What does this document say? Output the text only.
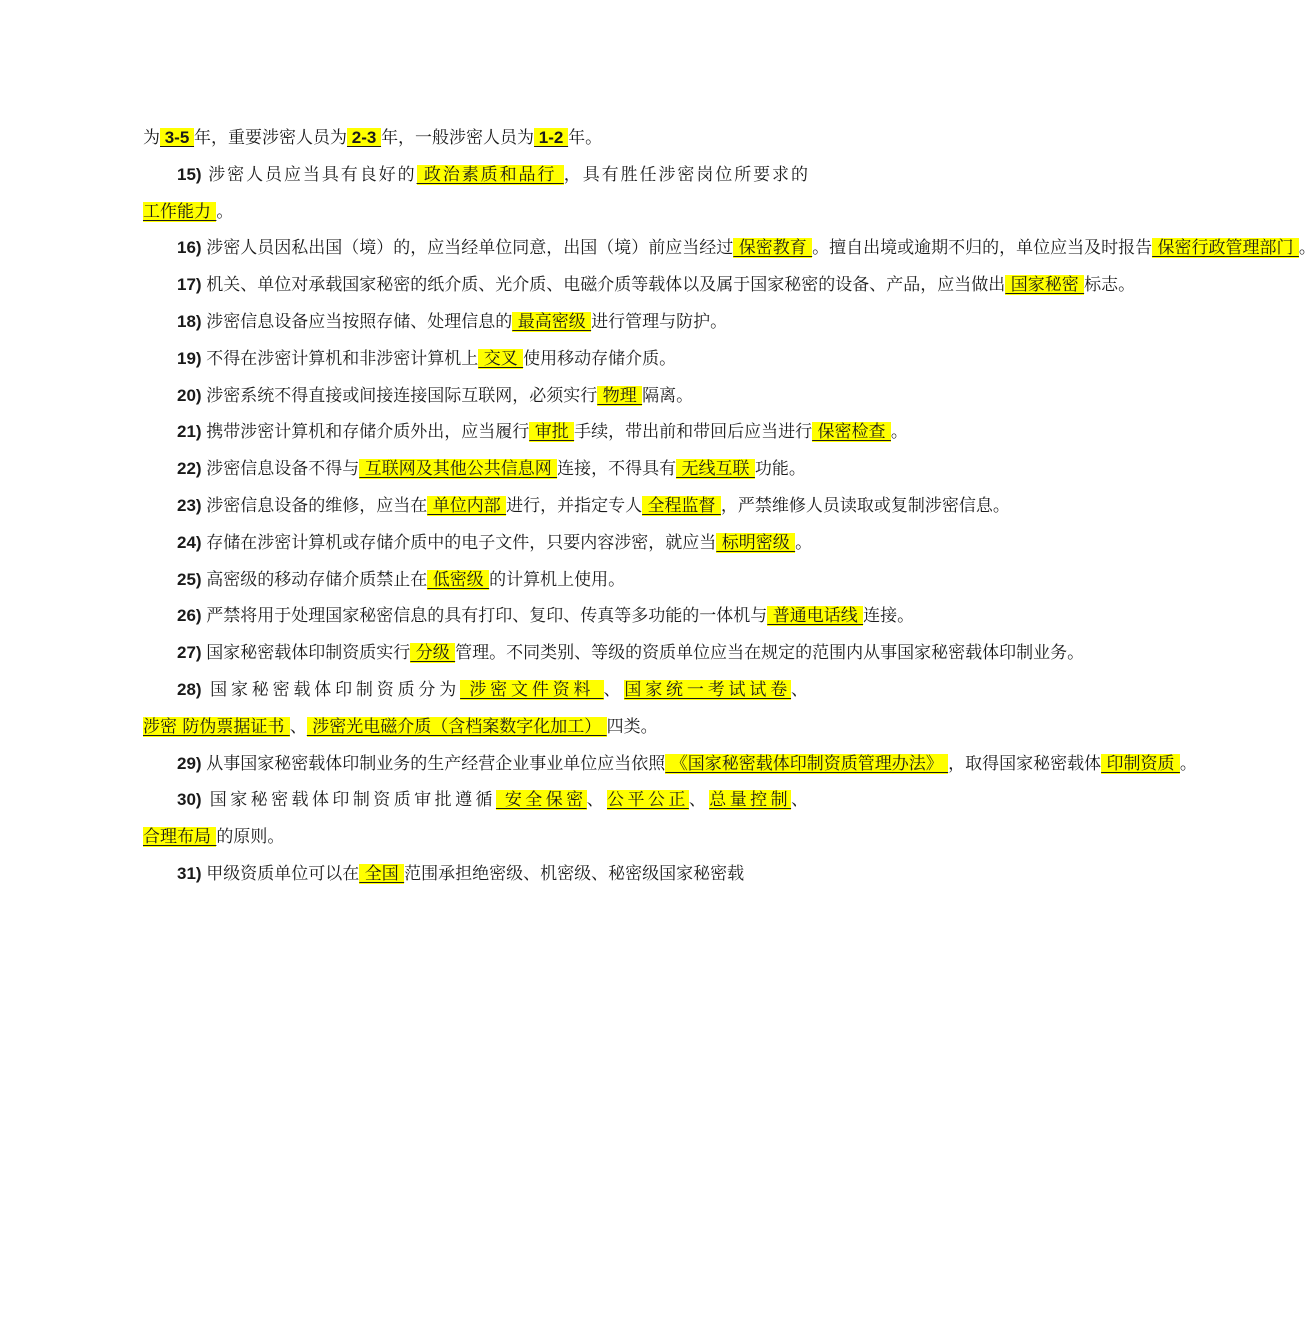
为 3-5 年，重要涉密人员为 2-3 年，一般涉密人员为 1-2 年。

15) 涉密人员应当具有良好的 政治素质和品行 ，具有胜任涉密岗位所要求的工作能力 。

16) 涉密人员因私出国（境）的，应当经单位同意，出国（境）前应当经过 保密教育 。擅自出境或逾期不归的，单位应当及时报告 保密行政管理部门 。

17) 机关、单位对承载国家秘密的纸介质、光介质、电磁介质等载体以及属于国家秘密的设备、产品，应当做出 国家秘密 标志。

18) 涉密信息设备应当按照存储、处理信息的 最高密级 进行管理与防护。

19) 不得在涉密计算机和非涉密计算机上 交叉 使用移动存储介质。

20) 涉密系统不得直接或间接连接国际互联网，必须实行 物理 隔离。

21) 携带涉密计算机和存储介质外出，应当履行 审批 手续，带出前和带回后应当进行 保密检查 。

22) 涉密信息设备不得与 互联网及其他公共信息网 连接，不得具有 无线互联 功能。

23) 涉密信息设备的维修，应当在 单位内部 进行，并指定专人 全程监督 ，严禁维修人员读取或复制涉密信息。

24) 存储在涉密计算机或存储介质中的电子文件，只要内容涉密，就应当 标明密级 。

25) 高密级的移动存储介质禁止在 低密级 的计算机上使用。

26) 严禁将用于处理国家秘密信息的具有打印、复印、传真等多功能的一体机与 普通电话线 连接。

27) 国家秘密载体印制资质实行 分级 管理。不同类别、等级的资质单位应当在规定的范围内从事国家秘密载体印制业务。

28) 国家秘密载体印制资质分为 涉密文件资料 、国家统一考试试卷、涉密 防伪票据证书 、 涉密光电磁介质（含档案数字化加工） 四类。

29) 从事国家秘密载体印制业务的生产经营企业事业单位应当依照 《国家秘密载体印制资质管理办法》 ，取得国家秘密载体 印制资质 。

30) 国家秘密载体印制资质审批遵循 安全保密、公平公正、总量控制、合理布局 的原则。

31) 甲级资质单位可以在 全国 范围承担绝密级、机密级、秘密级国家秘密载
